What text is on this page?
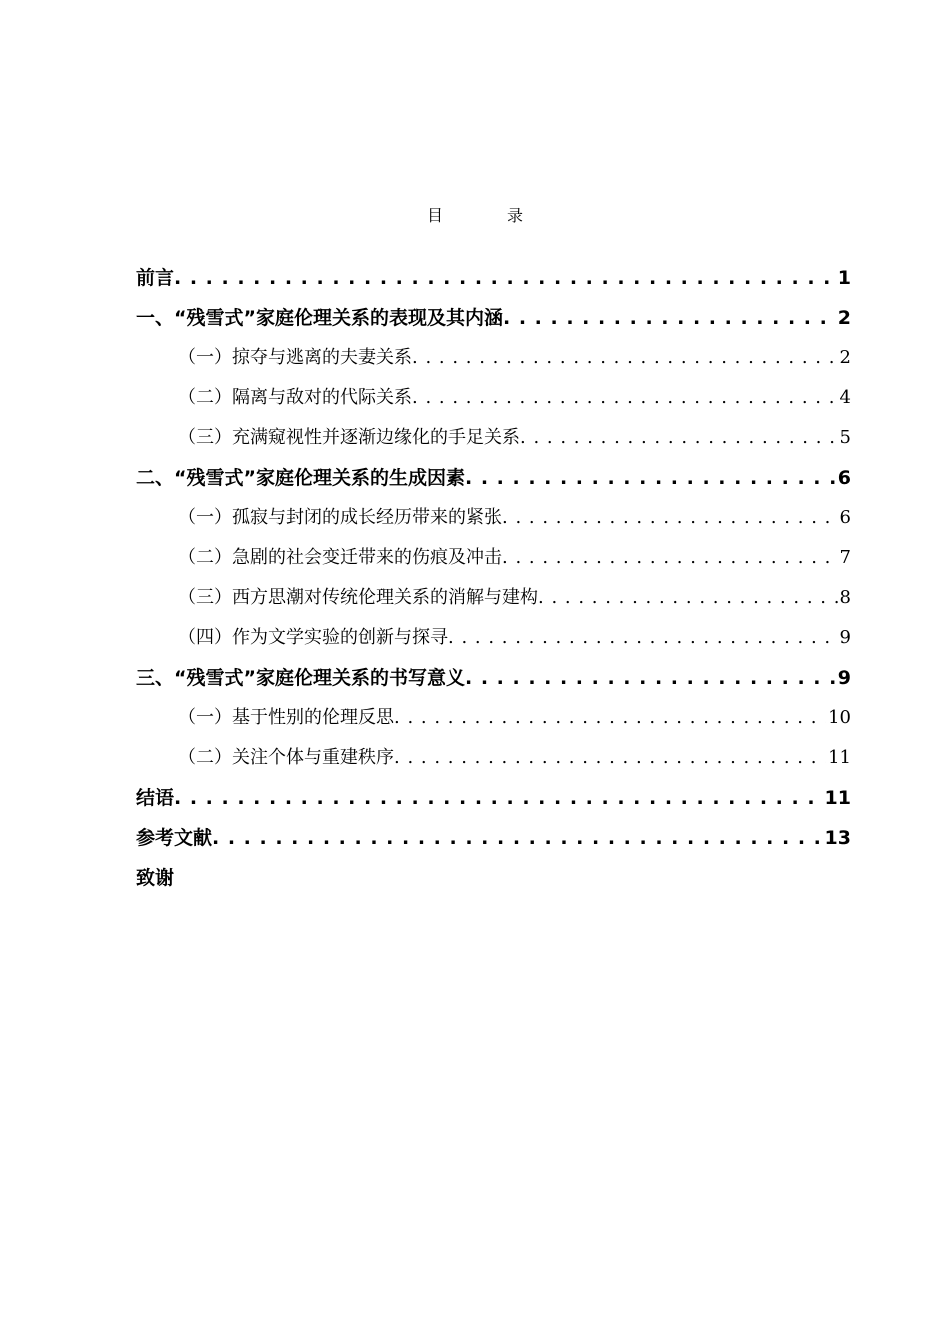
目	录
前言 . . .	1
一、“残雪式”家庭伦理关系的表现及其内涵 . . .	2
（一）掠夺与逃离的夫妻关系 . . .	2
（二）隔离与敌对的代际关系 . . .	4
（三）充满窥视性并逐渐边缘化的手足关系 . . .	5
二、“残雪式”家庭伦理关系的生成因素 . . .	6
（一）孤寂与封闭的成长经历带来的紧张 . . .	6
（二）急剧的社会变迁带来的伤痕及冲击 . . .	7
（三）西方思潮对传统伦理关系的消解与建构 . . .	8
（四）作为文学实验的创新与探寻 . . .	9
三、“残雪式”家庭伦理关系的书写意义 . . .	9
（一）基于性别的伦理反思 . . .	10
（二）关注个体与重建秩序 . . .	11
结语 . . .	11
参考文献 . . .	13
致谢
